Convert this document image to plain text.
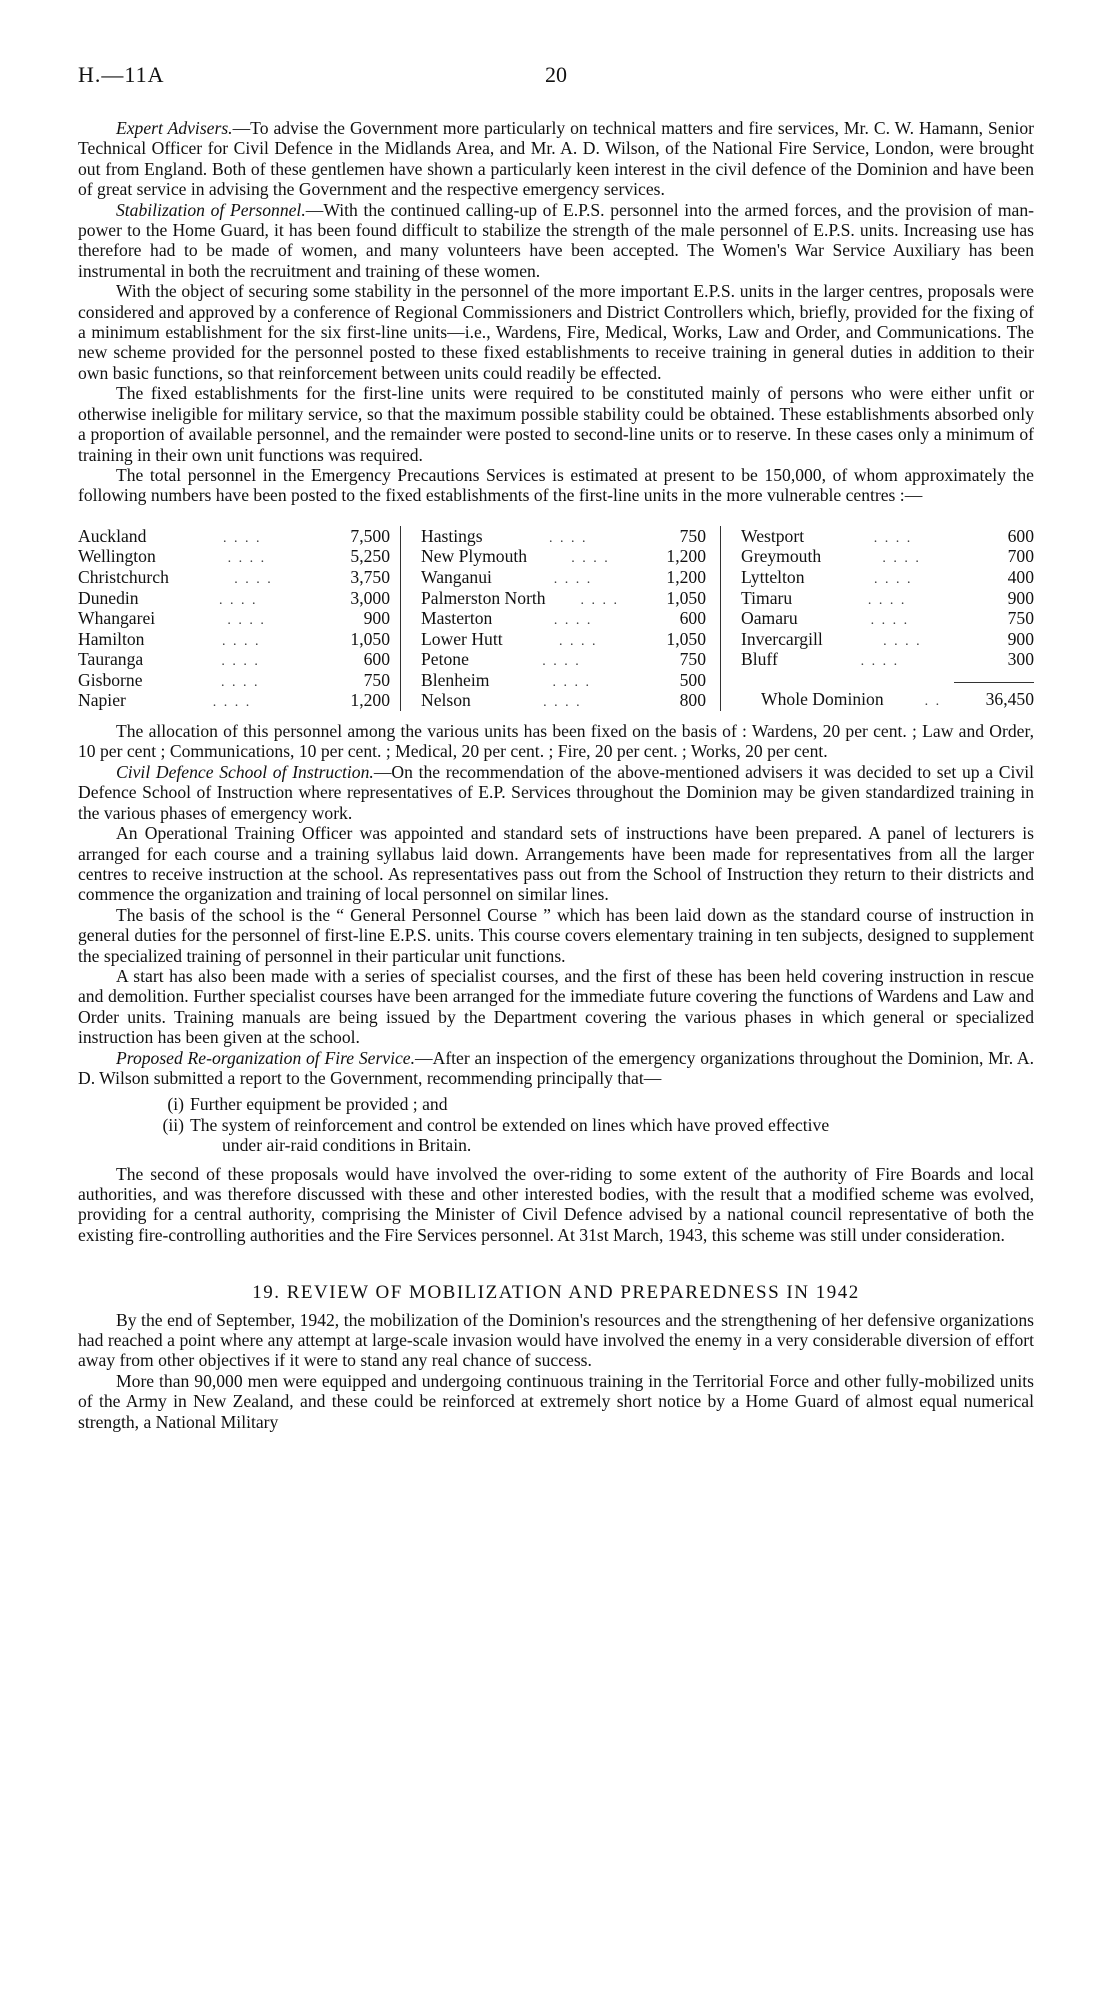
H.—11A	20

Expert Advisers.—To advise the Government more particularly on technical matters and fire services, Mr. C. W. Hamann, Senior Technical Officer for Civil Defence in the Midlands Area, and Mr. A. D. Wilson, of the National Fire Service, London, were brought out from England. Both of these gentlemen have shown a particularly keen interest in the civil defence of the Dominion and have been of great service in advising the Government and the respective emergency services.

Stabilization of Personnel.—With the continued calling-up of E.P.S. personnel into the armed forces, and the provision of man-power to the Home Guard, it has been found difficult to stabilize the strength of the male personnel of E.P.S. units. Increasing use has therefore had to be made of women, and many volunteers have been accepted. The Women's War Service Auxiliary has been instrumental in both the recruitment and training of these women.

With the object of securing some stability in the personnel of the more important E.P.S. units in the larger centres, proposals were considered and approved by a conference of Regional Commissioners and District Controllers which, briefly, provided for the fixing of a minimum establishment for the six first-line units—i.e., Wardens, Fire, Medical, Works, Law and Order, and Communications. The new scheme provided for the personnel posted to these fixed establishments to receive training in general duties in addition to their own basic functions, so that reinforcement between units could readily be effected.

The fixed establishments for the first-line units were required to be constituted mainly of persons who were either unfit or otherwise ineligible for military service, so that the maximum possible stability could be obtained. These establishments absorbed only a proportion of available personnel, and the remainder were posted to second-line units or to reserve. In these cases only a minimum of training in their own unit functions was required.

The total personnel in the Emergency Precautions Services is estimated at present to be 150,000, of whom approximately the following numbers have been posted to the fixed establishments of the first-line units in the more vulnerable centres :—

Auckland	. . . .	7,500
Wellington	. . . .	5,250
Christchurch	. . . .	3,750
Dunedin	. . . .	3,000
Whangarei	. . . .	900
Hamilton	. . . .	1,050
Tauranga	. . . .	600
Gisborne	. . . .	750
Napier	. . . .	1,200
Hastings	. . . .	750
New Plymouth	. . . .	1,200
Wanganui	. . . .	1,200
Palmerston North	. . . .	1,050
Masterton	. . . .	600
Lower Hutt	. . . .	1,050
Petone	. . . .	750
Blenheim	. . . .	500
Nelson	. . . .	800
Westport	. . . .	600
Greymouth	. . . .	700
Lyttelton	. . . .	400
Timaru	. . . .	900
Oamaru	. . . .	750
Invercargill	. . . .	900
Bluff	. . . .	300
Whole Dominion	. .	36,450

The allocation of this personnel among the various units has been fixed on the basis of : Wardens, 20 per cent. ; Law and Order, 10 per cent ; Communications, 10 per cent. ; Medical, 20 per cent. ; Fire, 20 per cent. ; Works, 20 per cent.

Civil Defence School of Instruction.—On the recommendation of the above-mentioned advisers it was decided to set up a Civil Defence School of Instruction where representatives of E.P. Services throughout the Dominion may be given standardized training in the various phases of emergency work.

An Operational Training Officer was appointed and standard sets of instructions have been prepared. A panel of lecturers is arranged for each course and a training syllabus laid down. Arrangements have been made for representatives from all the larger centres to receive instruction at the school. As representatives pass out from the School of Instruction they return to their districts and commence the organization and training of local personnel on similar lines.

The basis of the school is the “ General Personnel Course ” which has been laid down as the standard course of instruction in general duties for the personnel of first-line E.P.S. units. This course covers elementary training in ten subjects, designed to supplement the specialized training of personnel in their particular unit functions.

A start has also been made with a series of specialist courses, and the first of these has been held covering instruction in rescue and demolition. Further specialist courses have been arranged for the immediate future covering the functions of Wardens and Law and Order units. Training manuals are being issued by the Department covering the various phases in which general or specialized instruction has been given at the school.

Proposed Re-organization of Fire Service.—After an inspection of the emergency organizations throughout the Dominion, Mr. A. D. Wilson submitted a report to the Government, recommending principally that—

(i) Further equipment be provided ; and
(ii) The system of reinforcement and control be extended on lines which have proved effective
under air-raid conditions in Britain.

The second of these proposals would have involved the over-riding to some extent of the authority of Fire Boards and local authorities, and was therefore discussed with these and other interested bodies, with the result that a modified scheme was evolved, providing for a central authority, comprising the Minister of Civil Defence advised by a national council representative of both the existing fire-controlling authorities and the Fire Services personnel. At 31st March, 1943, this scheme was still under consideration.

19. REVIEW OF MOBILIZATION AND PREPAREDNESS IN 1942

By the end of September, 1942, the mobilization of the Dominion's resources and the strengthening of her defensive organizations had reached a point where any attempt at large-scale invasion would have involved the enemy in a very considerable diversion of effort away from other objectives if it were to stand any real chance of success.

More than 90,000 men were equipped and undergoing continuous training in the Territorial Force and other fully-mobilized units of the Army in New Zealand, and these could be reinforced at extremely short notice by a Home Guard of almost equal numerical strength, a National Military
